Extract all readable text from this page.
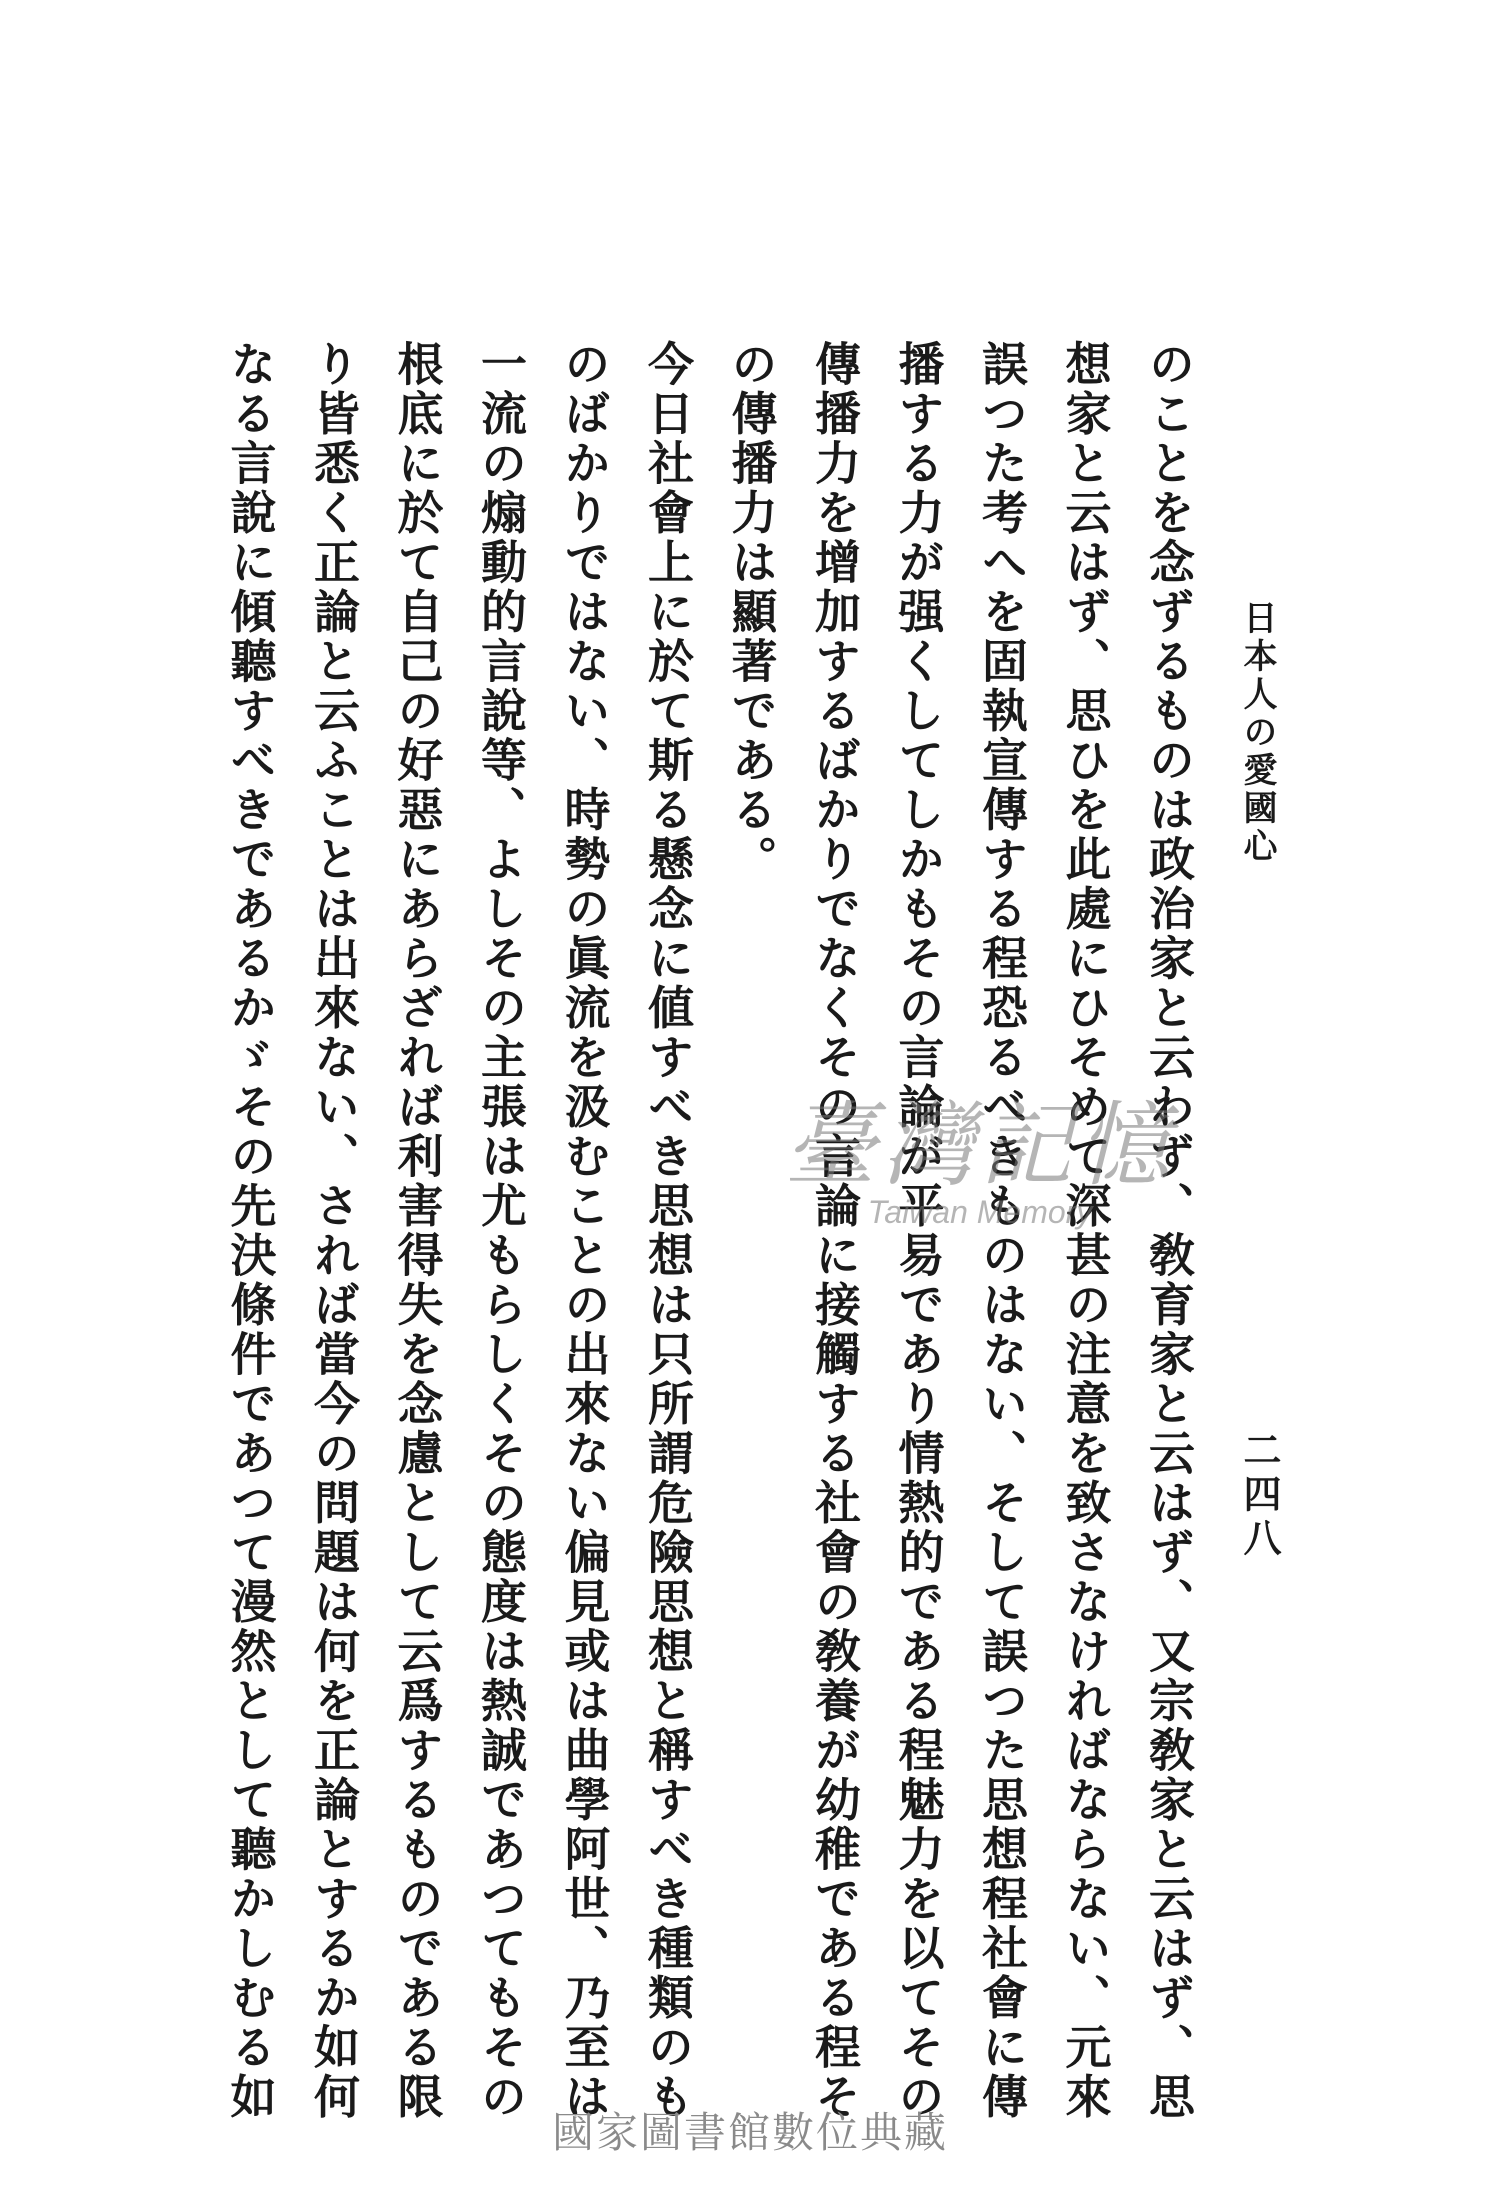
日本人の愛國心
二四八
のことを念ずるものは政治家と云わず、敎育家と云はず、又宗敎家と云はず、思
想家と云はず、思ひを此處にひそめて深甚の注意を致さなければならない、元來
誤つた考へを固執宣傳する程恐るべきものはない、そして誤つた思想程社會に傳
播する力が强くしてしかもその言論が平易であり情熱的である程魅力を以てその
傳播力を增加するばかりでなくその言論に接觸する社會の敎養が幼稚である程そ
の傳播力は顯著である。
今日社會上に於て斯る懸念に値すべき思想は只所謂危險思想と稱すべき種類のも
のばかりではない、時勢の眞流を汲むことの出來ない偏見或は曲學阿世、乃至は
一流の煽動的言說等、よしその主張は尤もらしくその態度は熱誠であつてもその
根底に於て自己の好惡にあらざれば利害得失を念慮として云爲するものである限
り皆悉く正論と云ふことは出來ない、されば當今の問題は何を正論とするか如何
なる言說に傾聽すべきであるかゞその先決條件であつて漫然として聽かしむる如	臺灣記憶
Taiwan Memory
國家圖書館數位典藏
